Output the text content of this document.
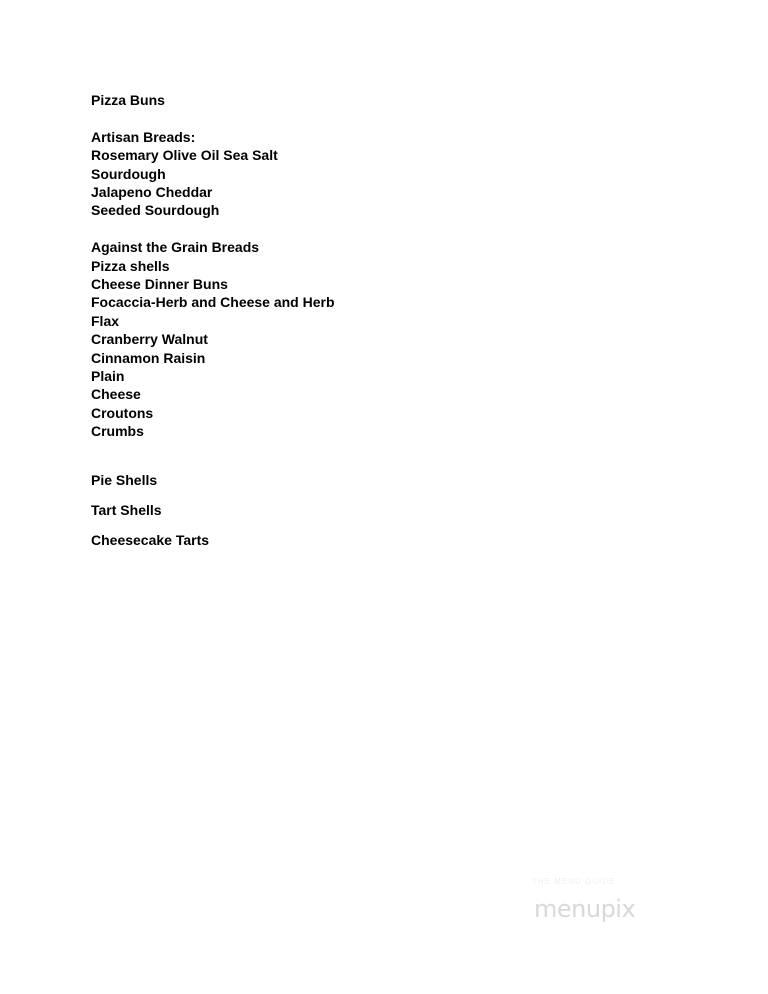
Pizza Buns
Artisan Breads:
Rosemary Olive Oil Sea Salt
Sourdough
Jalapeno Cheddar
Seeded Sourdough
Against the Grain Breads
Pizza shells
Cheese Dinner Buns
Focaccia-Herb and Cheese and Herb
Flax
Cranberry Walnut
Cinnamon Raisin
Plain
Cheese
Croutons
Crumbs
Pie Shells
Tart Shells
Cheesecake Tarts
THE MENU GUIDE
menupix
